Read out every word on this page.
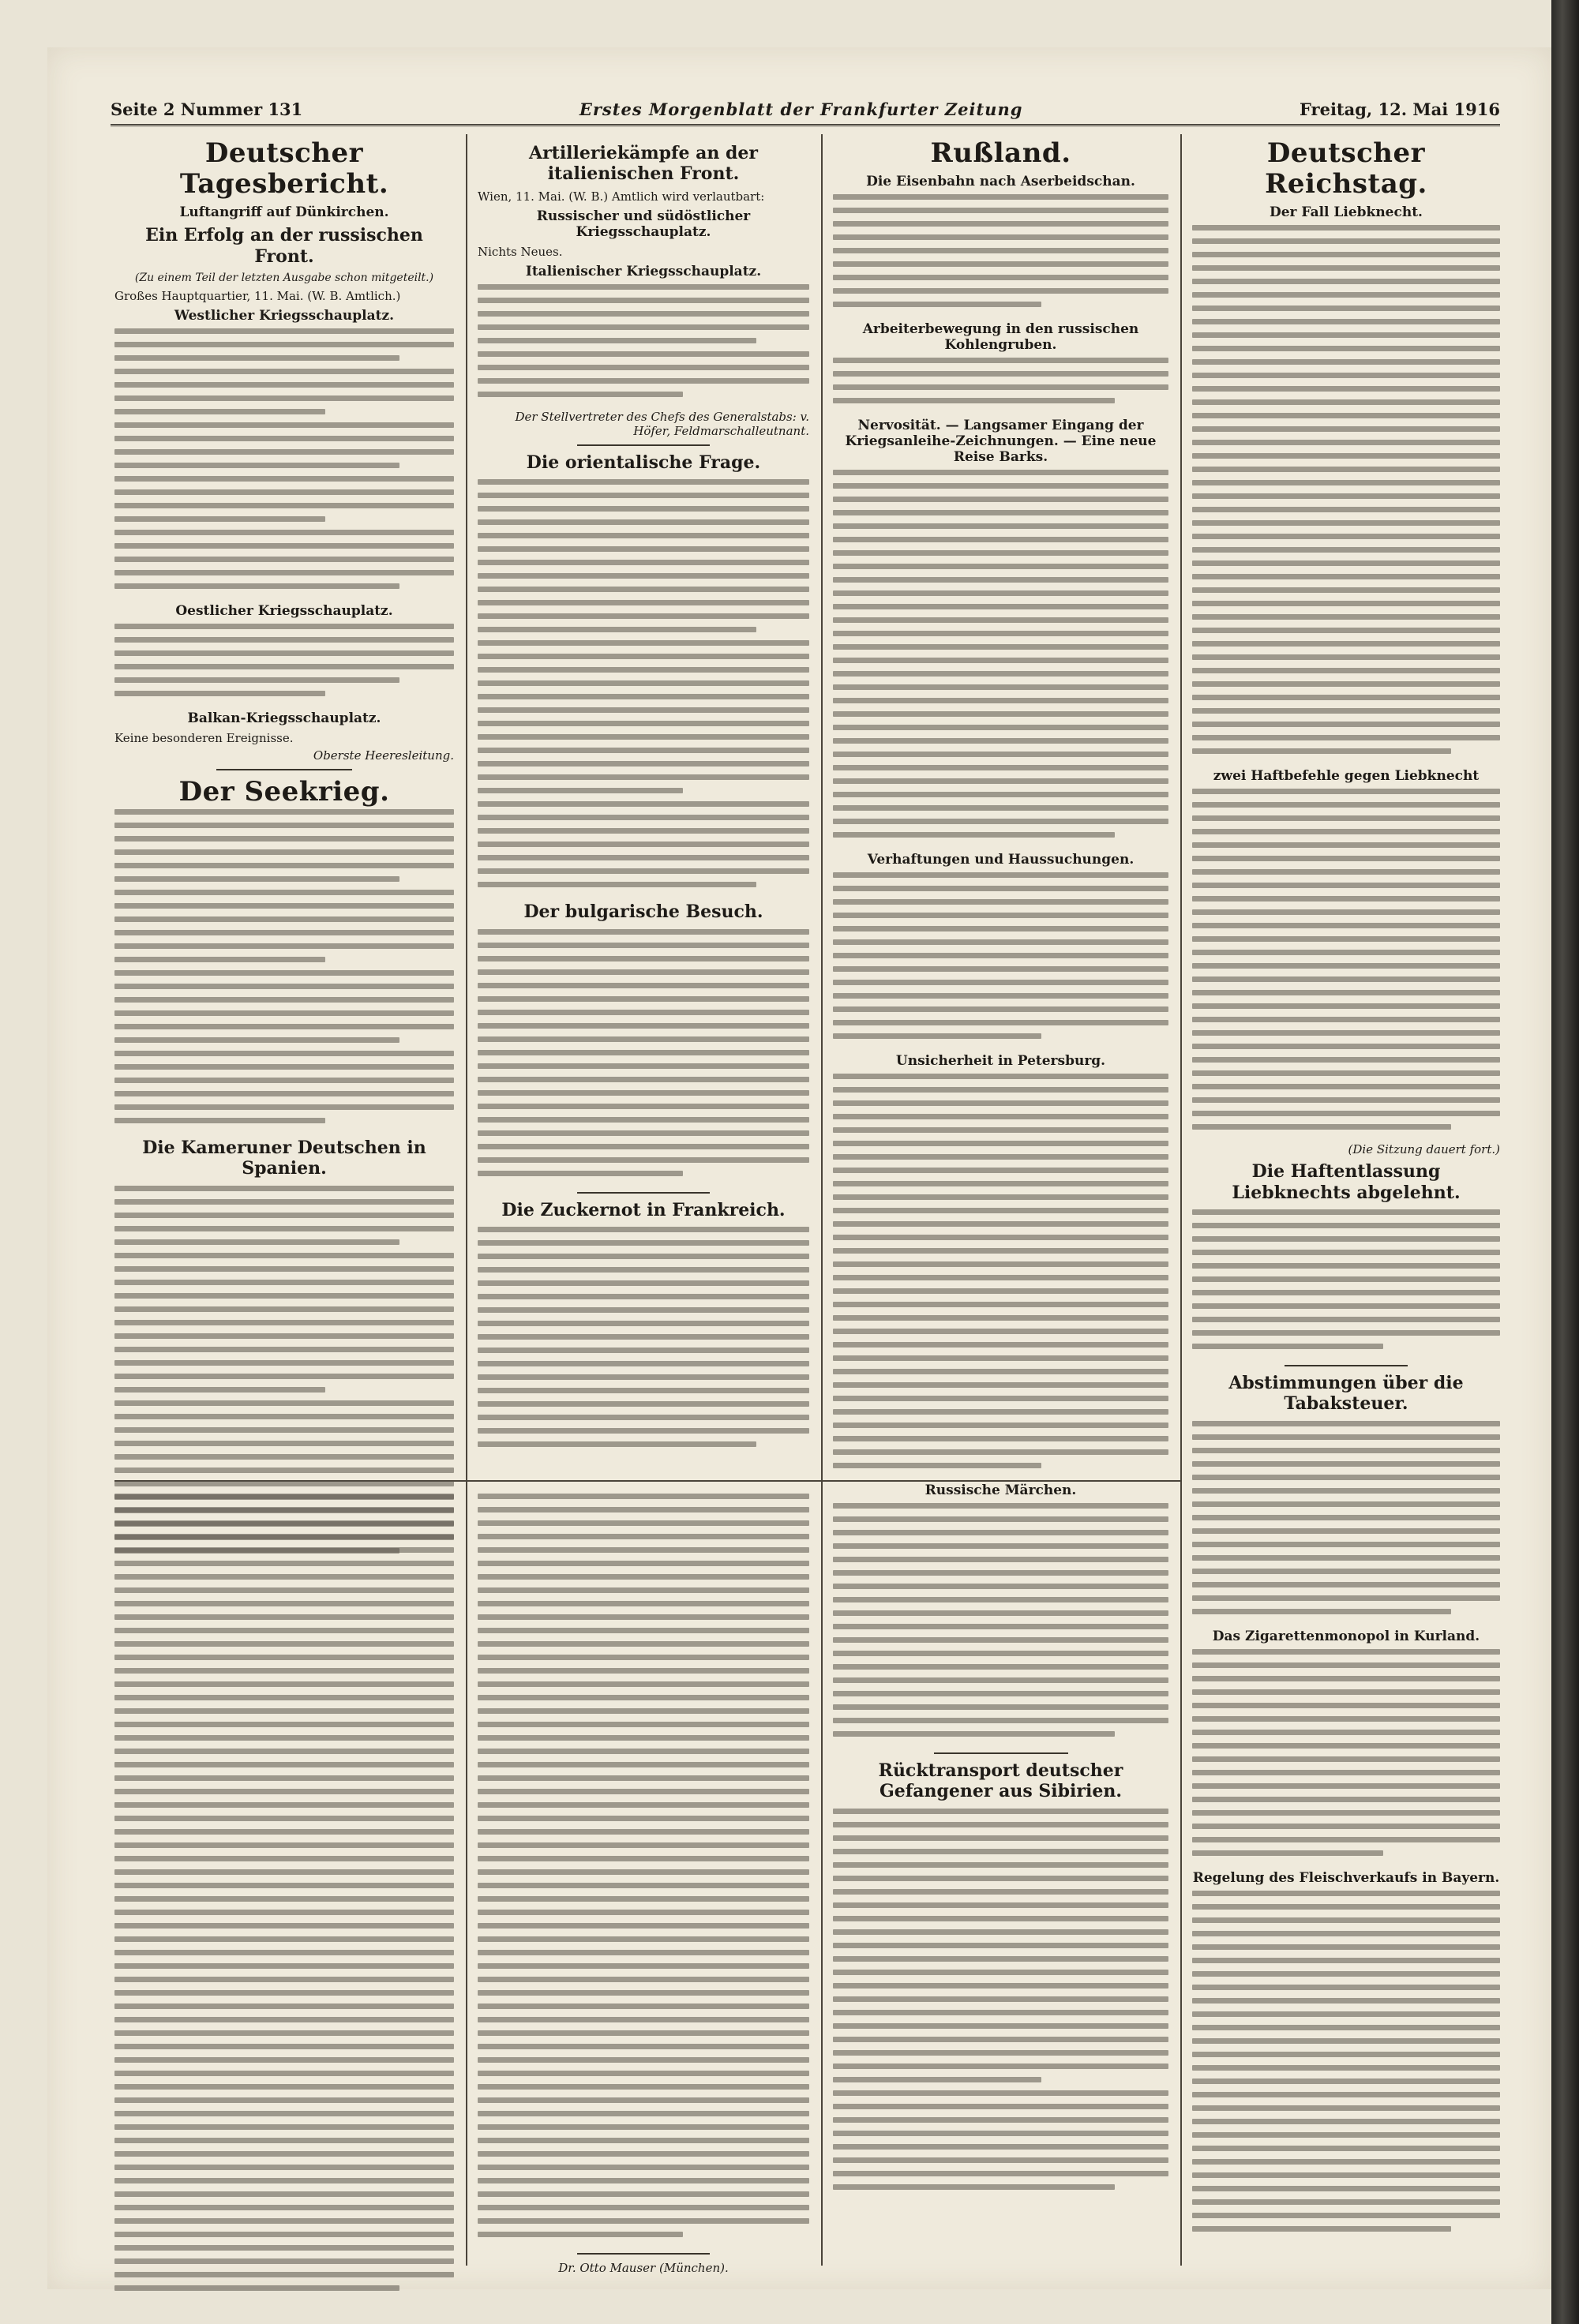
Seite 2 Nummer 131	Erstes Morgenblatt der Frankfurter Zeitung	Freitag, 12. Mai 1916
Deutscher Tagesbericht.
Luftangriff auf Dünkirchen.
Ein Erfolg an der russischen Front.
(Zu einem Teil der letzten Ausgabe schon mitgeteilt.)
Großes Hauptquartier, 11. Mai. (W. B. Amtlich.)
Westlicher Kriegsschauplatz.
Oestlicher Kriegsschauplatz.
Balkan-Kriegsschauplatz.
Keine besonderen Ereignisse.
Oberste Heeresleitung.
Der Seekrieg.
Die Kameruner Deutschen in Spanien.
Artilleriekämpfe an der italienischen Front.
Wien, 11. Mai. (W. B.) Amtlich wird verlautbart:
Russischer und südöstlicher Kriegsschauplatz.
Nichts Neues.
Italienischer Kriegsschauplatz.
Der Stellvertreter des Chefs des Generalstabs: v. Höfer, Feldmarschalleutnant.
Die orientalische Frage.
Der bulgarische Besuch.
Die Zuckernot in Frankreich.
Rußland.
Die Eisenbahn nach Aserbeidschan.
Arbeiterbewegung in den russischen Kohlengruben.
Nervosität. — Langsamer Eingang der Kriegsanleihe-Zeichnungen. — Eine neue Reise Barks.
Verhaftungen und Haussuchungen.
Unsicherheit in Petersburg.
Russische Märchen.
Rücktransport deutscher Gefangener aus Sibirien.
Deutscher Reichstag.
Der Fall Liebknecht.
zwei Haftbefehle gegen Liebknecht
(Die Sitzung dauert fort.)
Die Haftentlassung Liebknechts abgelehnt.
Abstimmungen über die Tabaksteuer.
Das Zigarettenmonopol in Kurland.
Regelung des Fleischverkaufs in Bayern.
Dr. Otto Mauser (München).
